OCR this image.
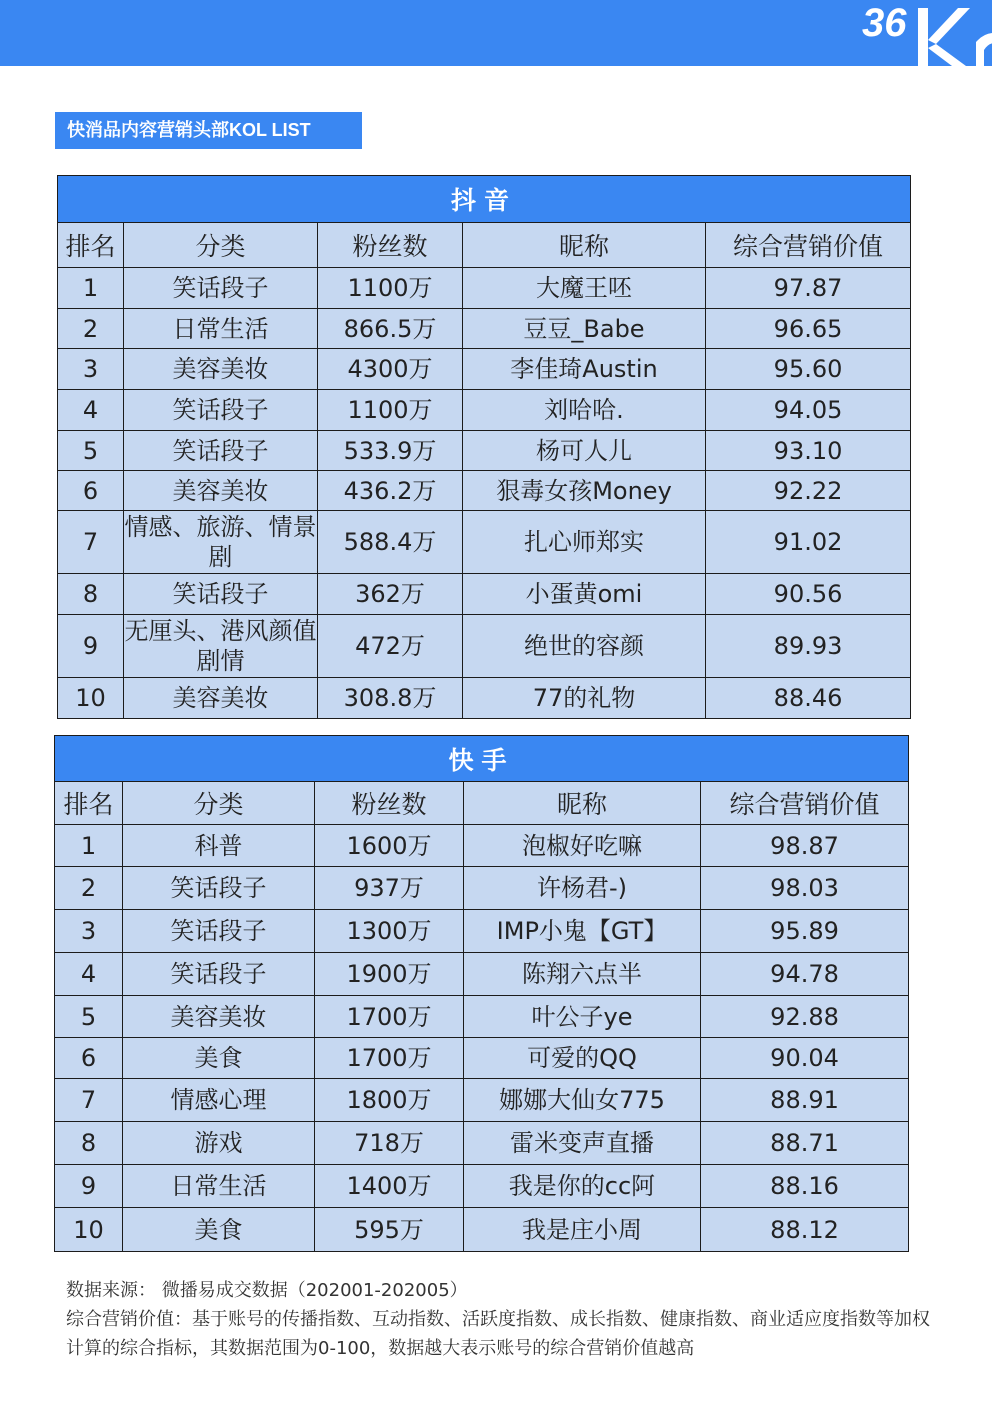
36
快消品内容营销头部KOL LIST
抖音				
排名	分类	粉丝数	昵称	综合营销价值
1	笑话段子	1100万	大魔王呸	97.87
2	日常生活	866.5万	豆豆_Babe	96.65
3	美容美妆	4300万	李佳琦Austin	95.60
4	笑话段子	1100万	刘哈哈.	94.05
5	笑话段子	533.9万	杨可人儿	93.10
6	美容美妆	436.2万	狠毒女孩Money	92.22
7	情感、旅游、情景剧	588.4万	扎心师郑实	91.02
8	笑话段子	362万	小蛋黄omi	90.56
9	无厘头、港风颜值 剧情	472万	绝世的容颜	89.93
10	美容美妆	308.8万	77的礼物	88.46
快手				
排名	分类	粉丝数	昵称	综合营销价值
1	科普	1600万	泡椒好吃嘛	98.87
2	笑话段子	937万	许杨君-)	98.03
3	笑话段子	1300万	IMP小鬼【GT】	95.89
4	笑话段子	1900万	陈翔六点半	94.78
5	美容美妆	1700万	叶公子ye	92.88
6	美食	1700万	可爱的QQ	90.04
7	情感心理	1800万	娜娜大仙女775	88.91
8	游戏	718万	雷米变声直播	88.71
9	日常生活	1400万	我是你的cc阿	88.16
10	美食	595万	我是庄小周	88.12
数据来源： 微播易成交数据（202001-202005）
综合营销价值：基于账号的传播指数、互动指数、活跃度指数、成长指数、健康指数、商业适应度指数等加权计算的综合指标，其数据范围为0-100，数据越大表示账号的综合营销价值越高
